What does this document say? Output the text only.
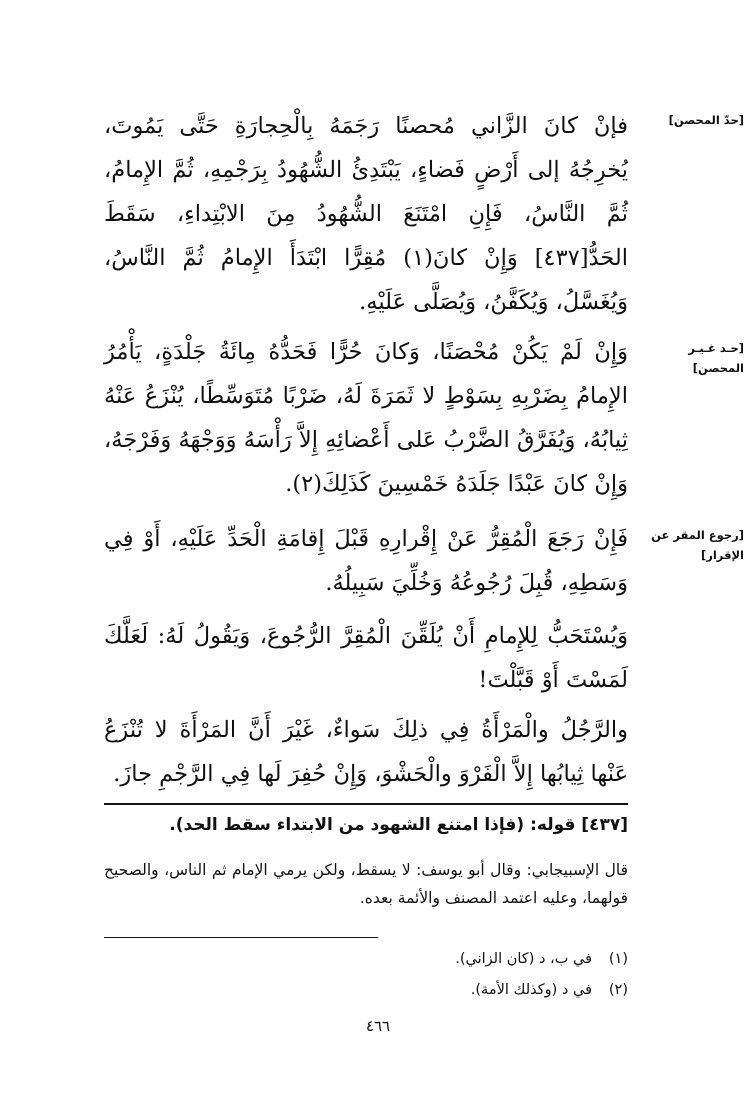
[حدّ المحصن]
[حـد غـيـر المحصن]
[رجوع المقر عن الإقرار]

فإنْ كانَ الزَّاني مُحصنًا رَجَمَهُ بِالْحِجارَةِ حَتَّى يَمُوتَ، يُخرِجُهُ إلى أَرْضٍ فَضاءٍ، يَبْتَدِئُ الشُّهُودُ بِرَجْمِهِ، ثُمَّ الإِمامُ، ثُمَّ النَّاسُ، فَإِنِ امْتَنَعَ الشُّهُودُ مِنَ الابْتِداءِ، سَقَطَ الحَدُّ[٤٣٧] وَإِنْ كانَ(١) مُقِرًّا ابْتَدَأَ الإِمامُ ثُمَّ النَّاسُ، وَيُغَسَّلُ، وَيُكَفَّنُ، وَيُصَلَّى عَلَيْهِ.

وَإِنْ لَمْ يَكُنْ مُحْصَنًا، وَكانَ حُرًّا فَحَدُّهُ مِائَةُ جَلْدَةٍ، يَأْمُرُ الإِمامُ بِضَرْبِهِ بِسَوْطٍ لا ثَمَرَةَ لَهُ، ضَرْبًا مُتَوَسِّطًا، يُنْزَعُ عَنْهُ ثِيابُهُ، وَيُفَرَّقُ الضَّرْبُ عَلى أَعْضائِهِ إِلاَّ رَأْسَهُ وَوَجْهَهُ وَفَرْجَهُ، وَإِنْ كانَ عَبْدًا جَلَدَهُ خَمْسِينَ كَذَلِكَ(٢).

فَإِنْ رَجَعَ الْمُقِرُّ عَنْ إِقْرارِهِ قَبْلَ إِقامَةِ الْحَدِّ عَلَيْهِ، أَوْ فِي وَسَطِهِ، قُبِلَ رُجُوعُهُ وَخُلِّيَ سَبِيلُهُ.

وَيُسْتَحَبُّ لِلإِمامِ أَنْ يُلَقِّنَ الْمُقِرَّ الرُّجُوعَ، وَيَقُولُ لَهُ: لَعَلَّكَ لَمَسْتَ أَوْ قَبَّلْتَ!

والرَّجُلُ والْمَرْأَةُ فِي ذلِكَ سَواءٌ، غَيْرَ أَنَّ المَرْأَةَ لا تُنْزَعُ عَنْها ثِيابُها إِلاَّ الْفَرْوَ والْحَشْوَ، وَإِنْ حُفِرَ لَها فِي الرَّجْمِ جازَ.

[٤٣٧] قوله: (فإذا امتنع الشهود من الابتداء سقط الحد).

قال الإسبيجابي: وقال أبو يوسف: لا يسقط، ولكن يرمي الإمام ثم الناس، والصحيح قولهما، وعليه اعتمد المصنف والأئمة بعده.

(١)في ب، د (كان الزاني).

(٢)في د (وكذلك الأمة).

٤٦٦
